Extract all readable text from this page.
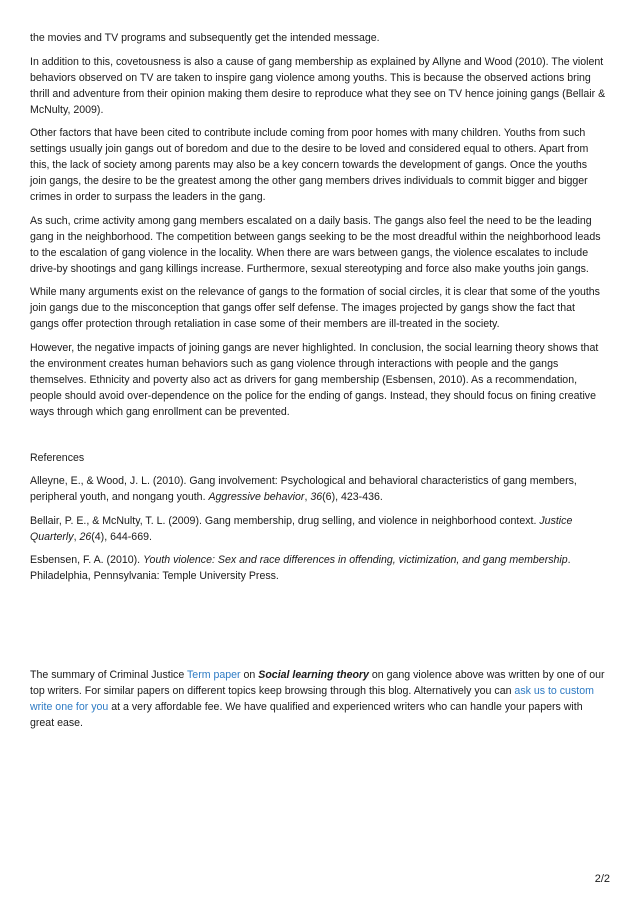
the movies and TV programs and subsequently get the intended message.

In addition to this, covetousness is also a cause of gang membership as explained by Allyne and Wood (2010). The violent behaviors observed on TV are taken to inspire gang violence among youths. This is because the observed actions bring thrill and adventure from their opinion making them desire to reproduce what they see on TV hence joining gangs (Bellair & McNulty, 2009).

Other factors that have been cited to contribute include coming from poor homes with many children. Youths from such settings usually join gangs out of boredom and due to the desire to be loved and considered equal to others. Apart from this, the lack of society among parents may also be a key concern towards the development of gangs. Once the youths join gangs, the desire to be the greatest among the other gang members drives individuals to commit bigger and bigger crimes in order to surpass the leaders in the gang.

As such, crime activity among gang members escalated on a daily basis. The gangs also feel the need to be the leading gang in the neighborhood. The competition between gangs seeking to be the most dreadful within the neighborhood leads to the escalation of gang violence in the locality. When there are wars between gangs, the violence escalates to include drive-by shootings and gang killings increase. Furthermore, sexual stereotyping and force also make youths join gangs.

While many arguments exist on the relevance of gangs to the formation of social circles, it is clear that some of the youths join gangs due to the misconception that gangs offer self defense. The images projected by gangs show the fact that gangs offer protection through retaliation in case some of their members are ill-treated in the society.

However, the negative impacts of joining gangs are never highlighted. In conclusion, the social learning theory shows that the environment creates human behaviors such as gang violence through interactions with people and the gangs themselves. Ethnicity and poverty also act as drivers for gang membership (Esbensen, 2010). As a recommendation, people should avoid over-dependence on the police for the ending of gangs. Instead, they should focus on fining creative ways through which gang enrollment can be prevented.

References

Alleyne, E., & Wood, J. L. (2010). Gang involvement: Psychological and behavioral characteristics of gang members, peripheral youth, and nongang youth. Aggressive behavior, 36(6), 423-436.

Bellair, P. E., & McNulty, T. L. (2009). Gang membership, drug selling, and violence in neighborhood context. Justice Quarterly, 26(4), 644-669.

Esbensen, F. A. (2010). Youth violence: Sex and race differences in offending, victimization, and gang membership. Philadelphia, Pennsylvania: Temple University Press.

The summary of Criminal Justice Term paper on Social learning theory on gang violence above was written by one of our top writers. For similar papers on different topics keep browsing through this blog. Alternatively you can ask us to custom write one for you at a very affordable fee. We have qualified and experienced writers who can handle your papers with great ease.

2/2
